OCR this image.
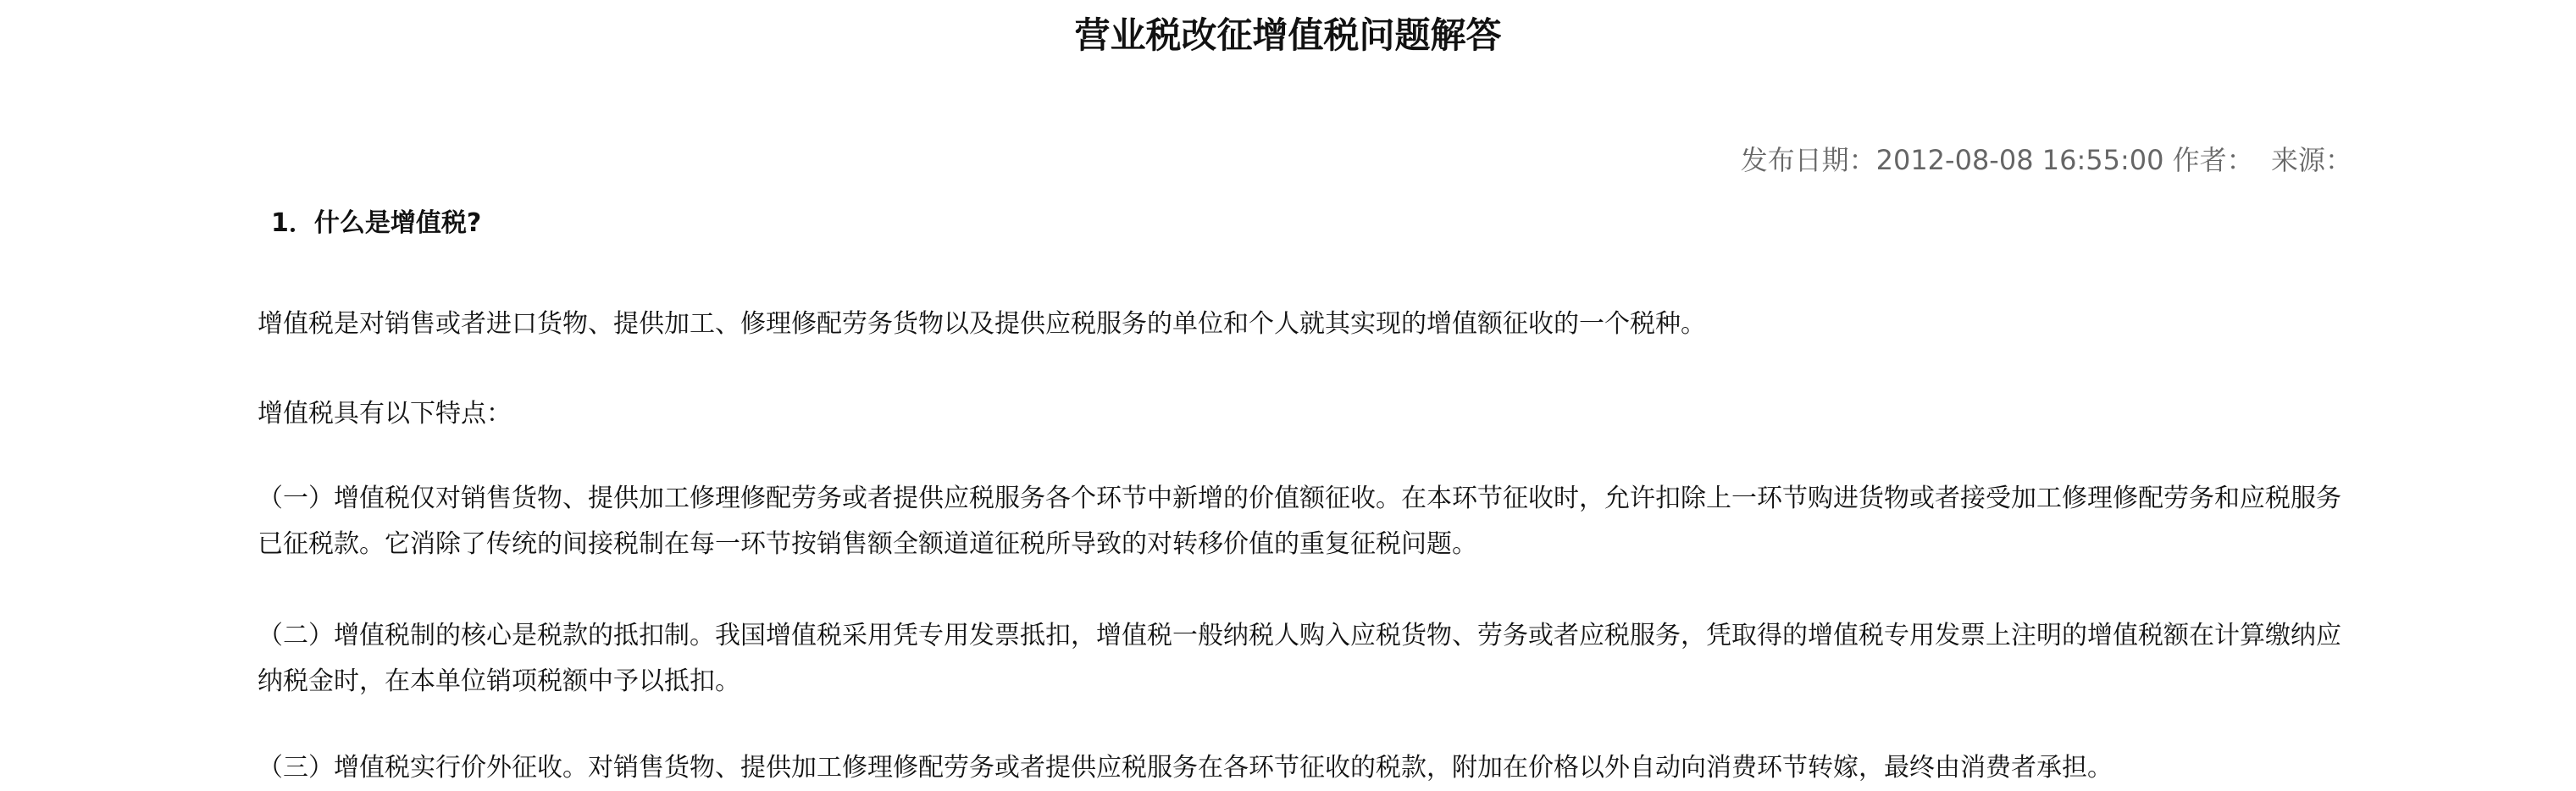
营业税改征增值税问题解答
发布日期：2012-08-08 16:55:00 作者：  来源：
1．什么是增值税?

增值税是对销售或者进口货物、提供加工、修理修配劳务货物以及提供应税服务的单位和个人就其实现的增值额征收的一个税种。

增值税具有以下特点：

（一）增值税仅对销售货物、提供加工修理修配劳务或者提供应税服务各个环节中新增的价值额征收。在本环节征收时，允许扣除上一环节购进货物或者接受加工修理修配劳务和应税服务已征税款。它消除了传统的间接税制在每一环节按销售额全额道道征税所导致的对转移价值的重复征税问题。

（二）增值税制的核心是税款的抵扣制。我国增值税采用凭专用发票抵扣，增值税一般纳税人购入应税货物、劳务或者应税服务，凭取得的增值税专用发票上注明的增值税额在计算缴纳应纳税金时，在本单位销项税额中予以抵扣。

（三）增值税实行价外征收。对销售货物、提供加工修理修配劳务或者提供应税服务在各环节征收的税款，附加在价格以外自动向消费环节转嫁，最终由消费者承担。
